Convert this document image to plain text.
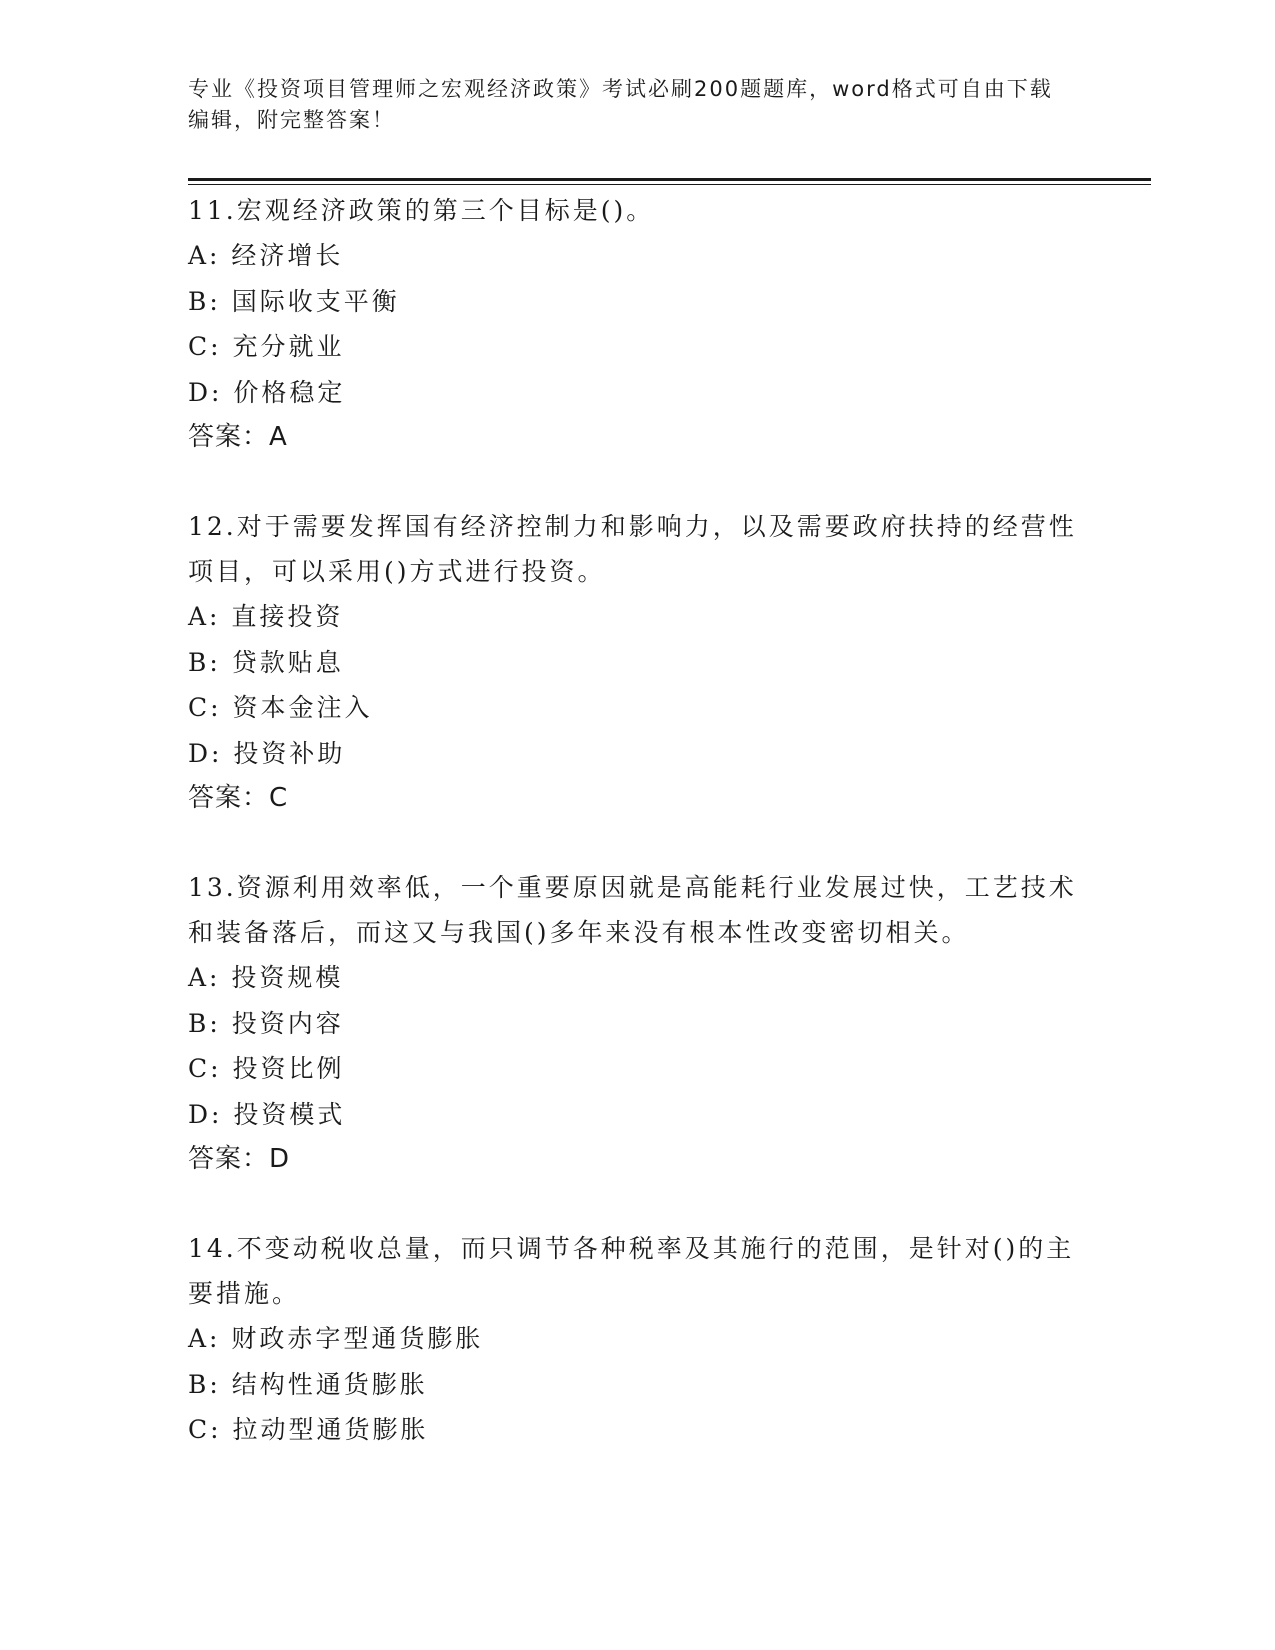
专业《投资项目管理师之宏观经济政策》考试必刷200题题库，word格式可自由下载编辑，附完整答案！

11.宏观经济政策的第三个目标是()。

A: 经济增长

B: 国际收支平衡

C: 充分就业

D: 价格稳定

答案：A

12.对于需要发挥国有经济控制力和影响力，以及需要政府扶持的经营性项目，可以采用()方式进行投资。

A: 直接投资

B: 贷款贴息

C: 资本金注入

D: 投资补助

答案：C

13.资源利用效率低，一个重要原因就是高能耗行业发展过快，工艺技术和装备落后，而这又与我国()多年来没有根本性改变密切相关。

A: 投资规模

B: 投资内容

C: 投资比例

D: 投资模式

答案：D

14.不变动税收总量，而只调节各种税率及其施行的范围，是针对()的主要措施。

A: 财政赤字型通货膨胀

B: 结构性通货膨胀

C: 拉动型通货膨胀
